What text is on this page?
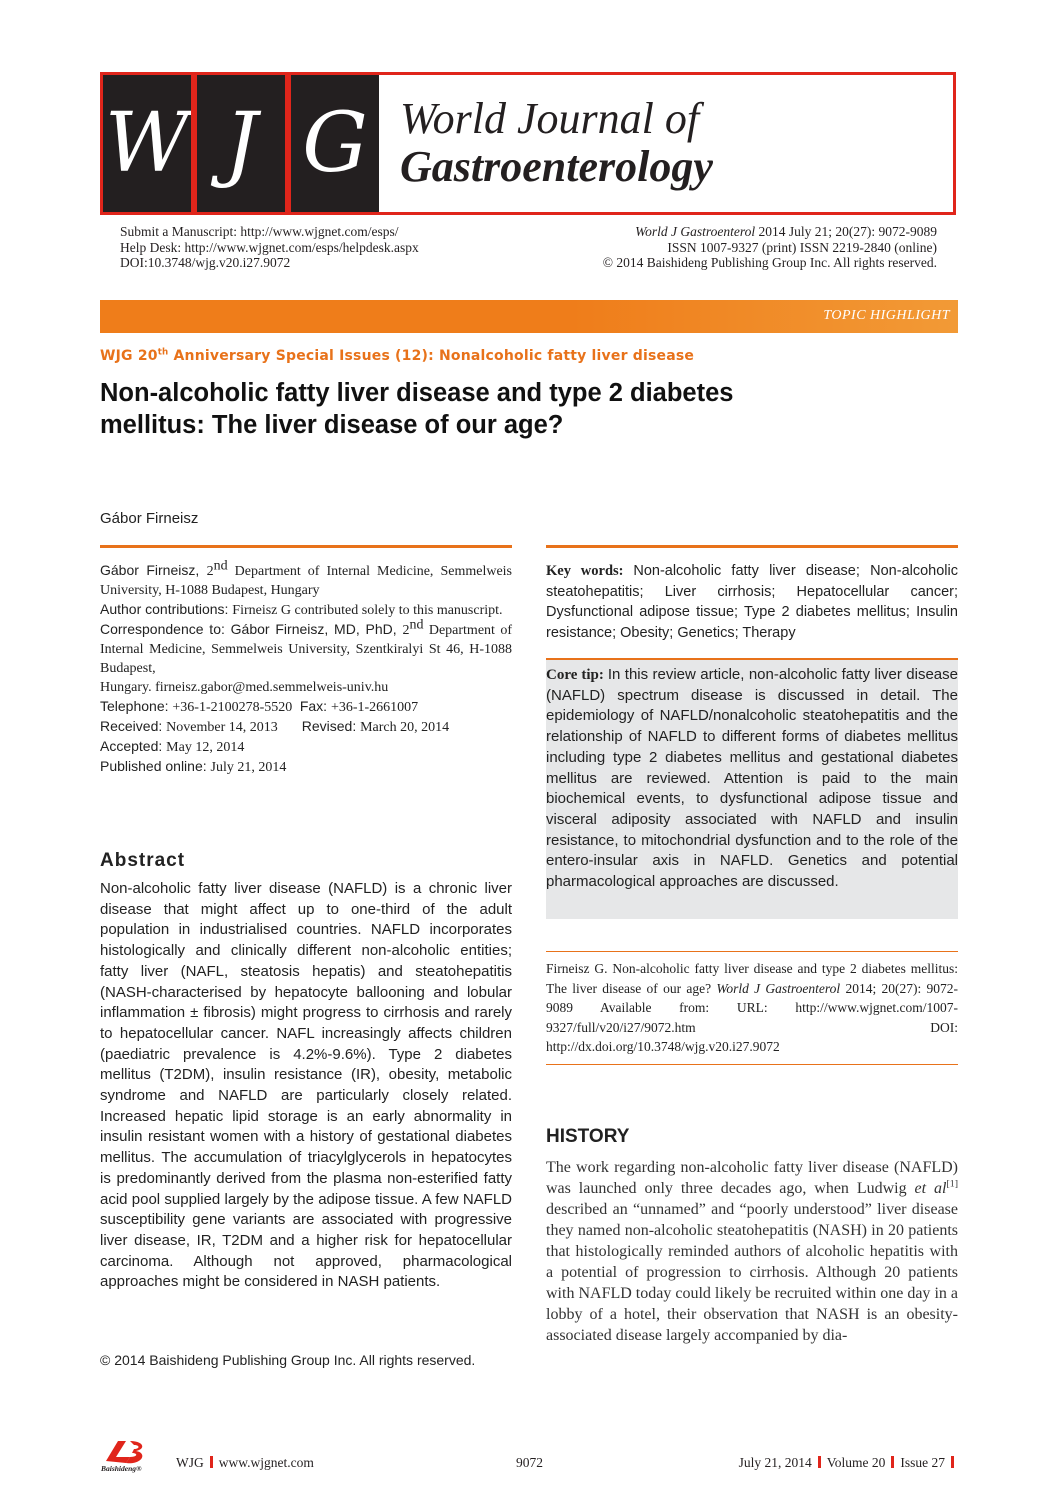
W J G World Journal of
Gastroenterology
Submit a Manuscript: http://www.wjgnet.com/esps/
Help Desk: http://www.wjgnet.com/esps/helpdesk.aspx
DOI:10.3748/wjg.v20.i27.9072
World J Gastroenterol 2014 July 21; 20(27): 9072-9089
ISSN 1007-9327 (print) ISSN 2219-2840 (online)
© 2014 Baishideng Publishing Group Inc. All rights reserved.
TOPIC HIGHLIGHT
WJG 20th Anniversary Special Issues (12): Nonalcoholic fatty liver disease
Non-alcoholic fatty liver disease and type 2 diabetes
mellitus: The liver disease of our age?
Gábor Firneisz

Gábor Firneisz, 2nd Department of Internal Medicine, Semmelweis University, H-1088 Budapest, Hungary

Author contributions: Firneisz G contributed solely to this manuscript.

Correspondence to: Gábor Firneisz, MD, PhD, 2nd Department of Internal Medicine, Semmelweis University, Szentkiralyi St 46, H-1088 Budapest,

Hungary. firneisz.gabor@med.semmelweis-univ.hu

Telephone: +36-1-2100278-5520 Fax: +36-1-2661007

Received: November 14, 2013 Revised: March 20, 2014

Accepted: May 12, 2014

Published online: July 21, 2014

Abstract
Non-alcoholic fatty liver disease (NAFLD) is a chronic liver disease that might affect up to one-third of the adult population in industrialised countries. NAFLD incorporates histologically and clinically different non-alcoholic entities; fatty liver (NAFL, steatosis hepatis) and steatohepatitis (NASH-characterised by hepatocyte ballooning and lobular inflammation ± fibrosis) might progress to cirrhosis and rarely to hepatocellular cancer. NAFL increasingly affects children (paediatric prevalence is 4.2%-9.6%). Type 2 diabetes mellitus (T2DM), insulin resistance (IR), obesity, metabolic syndrome and NAFLD are particularly closely related. Increased hepatic lipid storage is an early abnormality in insulin resistant women with a history of gestational diabetes mellitus. The accumulation of triacylglycerols in hepatocytes is predominantly derived from the plasma non-esterified fatty acid pool supplied largely by the adipose tissue. A few NAFLD susceptibility gene variants are associated with progressive liver disease, IR, T2DM and a higher risk for hepatocellular carcinoma. Although not approved, pharmacological approaches might be considered in NASH patients.
© 2014 Baishideng Publishing Group Inc. All rights reserved.
Key words: Non-alcoholic fatty liver disease; Non-alcoholic steatohepatitis; Liver cirrhosis; Hepatocellular cancer; Dysfunctional adipose tissue; Type 2 diabetes mellitus; Insulin resistance; Obesity; Genetics; Therapy
Core tip: In this review article, non-alcoholic fatty liver disease (NAFLD) spectrum disease is discussed in detail. The epidemiology of NAFLD/nonalcoholic steatohepatitis and the relationship of NAFLD to different forms of diabetes mellitus including type 2 diabetes mellitus and gestational diabetes mellitus are reviewed. Attention is paid to the main biochemical events, to dysfunctional adipose tissue and visceral adiposity associated with NAFLD and insulin resistance, to mitochondrial dysfunction and to the role of the entero-insular axis in NAFLD. Genetics and potential pharmacological approaches are discussed.
Firneisz G. Non-alcoholic fatty liver disease and type 2 diabetes mellitus: The liver disease of our age? World J Gastroenterol 2014; 20(27): 9072-9089 Available from: URL: http://www.wjgnet.com/1007-9327/full/v20/i27/9072.htm DOI: http://dx.doi.org/10.3748/wjg.v20.i27.9072
HISTORY
The work regarding non-alcoholic fatty liver disease (NAFLD) was launched only three decades ago, when Ludwig et al[1] described an “unnamed” and “poorly understood” liver disease they named non-alcoholic steatohepatitis (NASH) in 20 patients that histologically reminded authors of alcoholic hepatitis with a potential of progression to cirrhosis. Although 20 patients with NAFLD today could likely be recruited within one day in a lobby of a hotel, their observation that NASH is an obesity-associated disease largely accompanied by dia-
Baishideng®	WJG www.wjgnet.com	9072	July 21, 2014 Volume 20 Issue 27
